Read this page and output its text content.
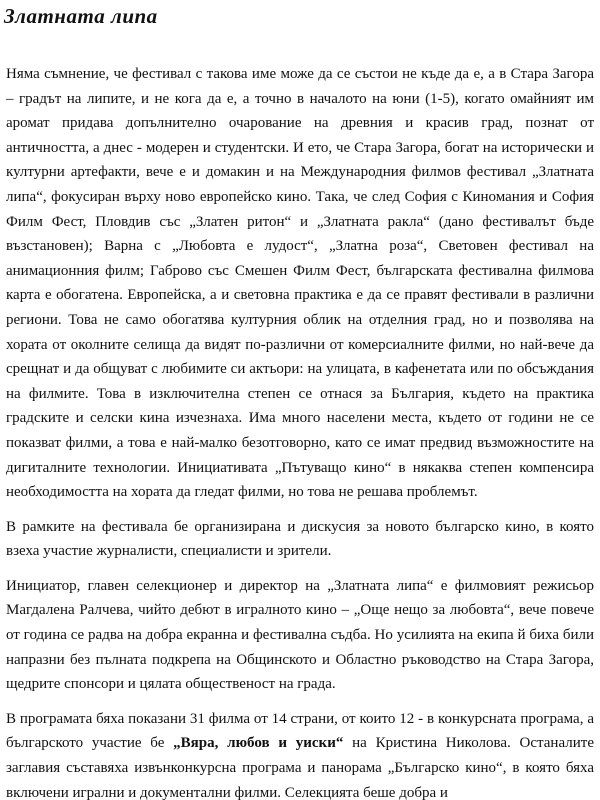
Златната липа

Няма съмнение, че фестивал с такова име може да се състои не къде да е, а в Стара Загора – градът на липите, и не кога да е, а точно в началото на юни (1-5), когато омайният им аромат придава допълнително очарование на древния и красив град, познат от античността, а днес - модерен и студентски. И ето, че Стара Загора, богат на исторически и културни артефакти, вече е и домакин и на Международния филмов фестивал „Златната липа“, фокусиран върху ново европейско кино. Така, че след София с Киномания и София Филм Фест, Пловдив със „Златен ритон“ и „Златната ракла“ (дано фестивалът бъде възстановен); Варна с „Любовта е лудост“, „Златна роза“, Световен фестивал на анимационния филм; Габрово със Смешен Филм Фест, българската фестивална филмова карта е обогатена. Европейска, а и световна практика е да се правят фестивали в различни региони. Това не само обогатява културния облик на отделния град, но и позволява на хората от околните селища да видят по-различни от комерсиалните филми, но най-вече да срещнат и да общуват с любимите си актьори: на улицата, в кафенетата или по обсъждания на филмите. Това в изключителна степен се отнася за България, където на практика градските и селски кина изчезнаха. Има много населени места, където от години не се показват филми, а това е най-малко безотговорно, като се имат предвид възможностите на дигиталните технологии. Инициативата „Пътуващо кино“ в някаква степен компенсира необходимостта на хората да гледат филми, но това не решава проблемът.

В рамките на фестивала бе организирана и дискусия за новото българско кино, в която взеха участие журналисти, специалисти и зрители.

Инициатор, главен селекционер и директор на „Златната липа“ е филмовият режисьор Магдалена Ралчева, чийто дебют в игралното кино – „Още нещо за любовта“, вече повече от година се радва на добра екранна и фестивална съдба. Но усилията на екипа й биха били напразни без пълната подкрепа на Общинското и Областно ръководство на Стара Загора, щедрите спонсори и цялата общественост на града.

В програмата бяха показани 31 филма от 14 страни, от които 12 - в конкурсната програма, а българското участие бе „Вяра, любов и уиски“ на Кристина Николова. Останалите заглавия съставяха извънконкурсна програма и панорама „Българско кино“, в която бяха включени игрални и документални филми. Селекцията беше добра и
